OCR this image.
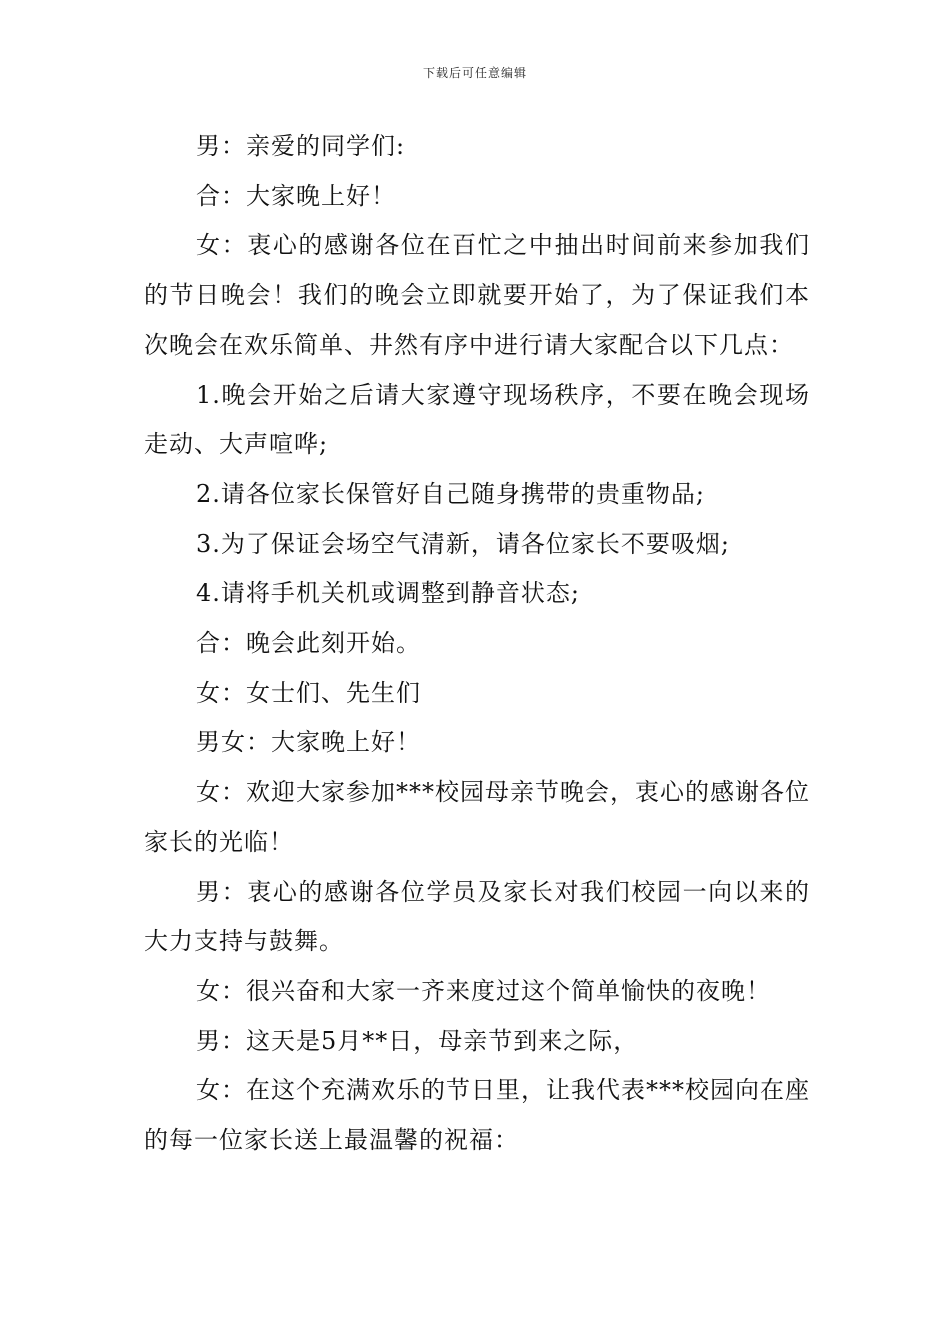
下载后可任意编辑

男：亲爱的同学们:

合：大家晚上好！

女：衷心的感谢各位在百忙之中抽出时间前来参加我们的节日晚会！我们的晚会立即就要开始了，为了保证我们本次晚会在欢乐简单、井然有序中进行请大家配合以下几点：

1.晚会开始之后请大家遵守现场秩序，不要在晚会现场走动、大声喧哗;

2.请各位家长保管好自己随身携带的贵重物品;

3.为了保证会场空气清新，请各位家长不要吸烟;

4.请将手机关机或调整到静音状态;

合：晚会此刻开始。

女：女士们、先生们

男女：大家晚上好！

女：欢迎大家参加***校园母亲节晚会，衷心的感谢各位家长的光临！

男：衷心的感谢各位学员及家长对我们校园一向以来的大力支持与鼓舞。

女：很兴奋和大家一齐来度过这个简单愉快的夜晚！

男：这天是5月**日，母亲节到来之际，

女：在这个充满欢乐的节日里，让我代表***校园向在座的每一位家长送上最温馨的祝福：
